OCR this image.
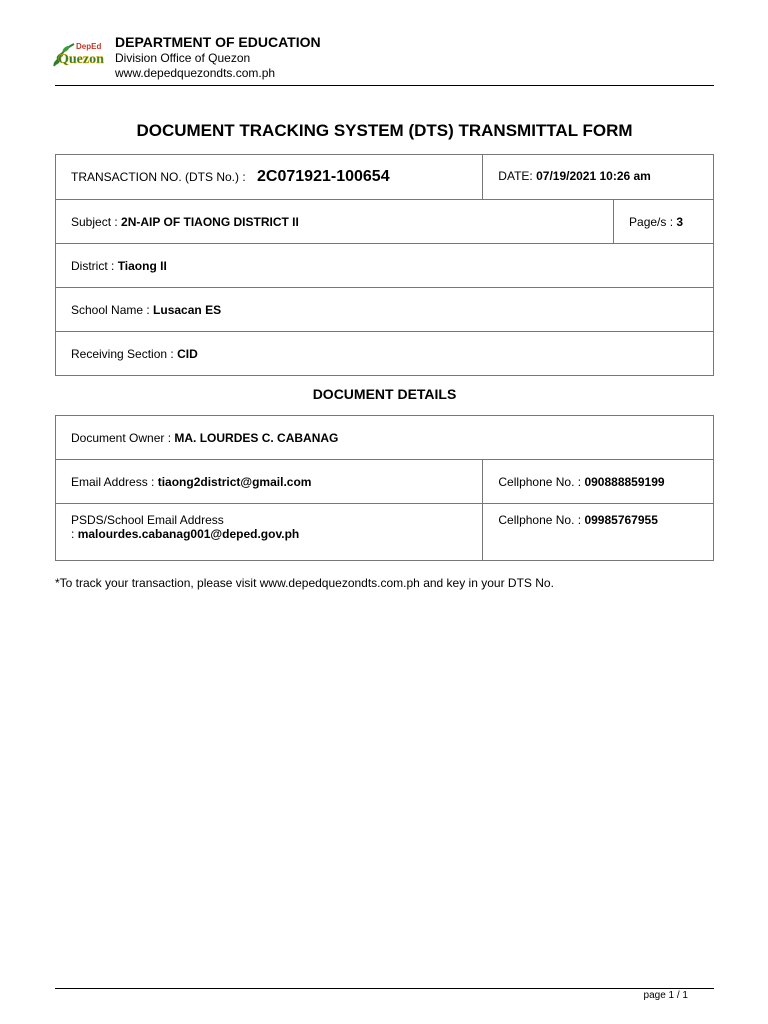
DepEd
Quezon
DEPARTMENT OF EDUCATION
Division Office of Quezon
www.depedquezondts.com.ph
DOCUMENT TRACKING SYSTEM (DTS) TRANSMITTAL FORM
TRANSACTION NO. (DTS No.) : 2C071921-100654	DATE: 07/19/2021 10:26 am	
Subject : 2N-AIP OF TIAONG DISTRICT II		Page/s : 3
District : Tiaong II		
School Name : Lusacan ES		
Receiving Section : CID		
DOCUMENT DETAILS
Document Owner : MA. LOURDES C. CABANAG	
Email Address : tiaong2district@gmail.com	Cellphone No. : 090888859199

PSDS/School Email Address
: malourdes.cabanag001@deped.gov.ph	Cellphone No. : 09985767955
*To track your transaction, please visit www.depedquezondts.com.ph and key in your DTS No.
page 1 / 1
